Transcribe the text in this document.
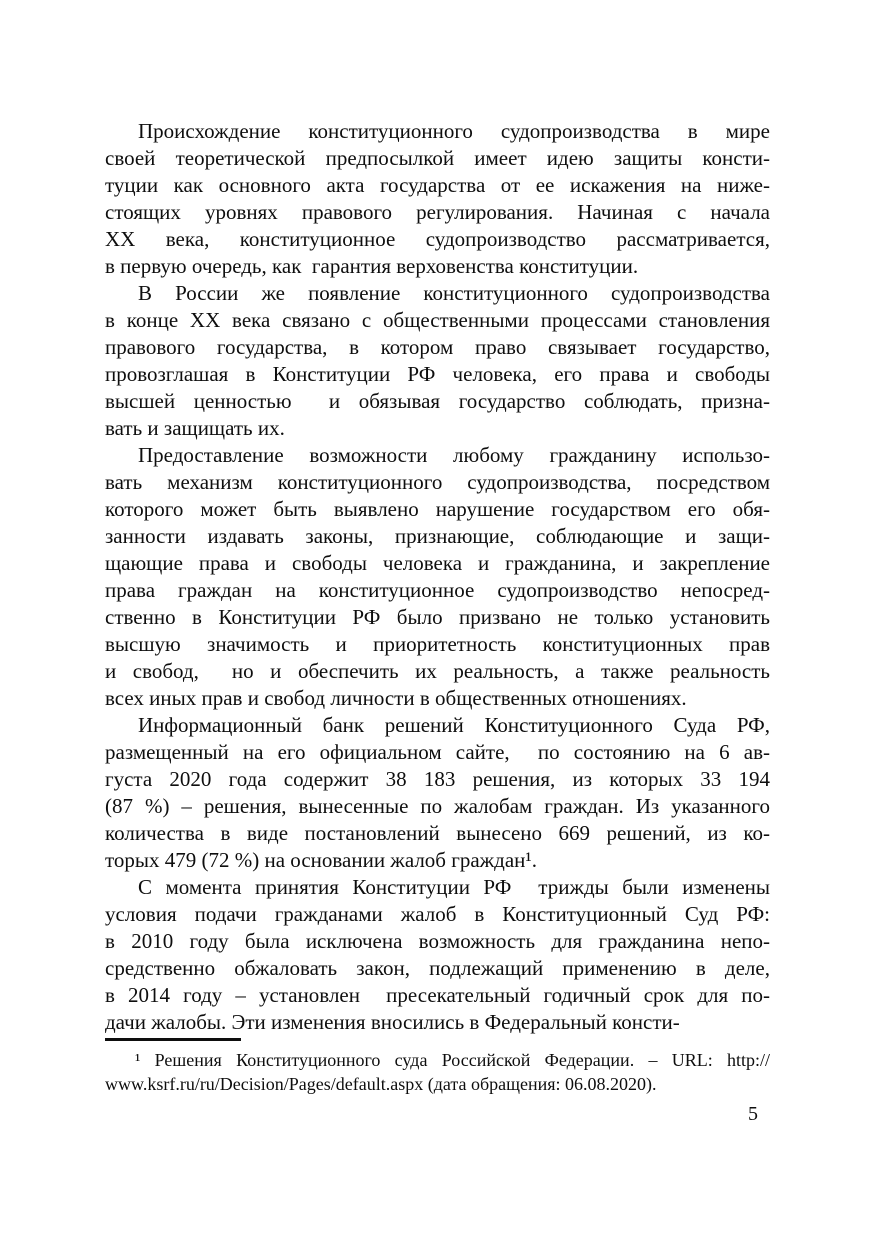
Происхождение конституционного судопроизводства в мире
своей теоретической предпосылкой имеет идею защиты консти-
туции как основного акта государства от ее искажения на ниже-
стоящих уровнях правового регулирования. Начиная с начала
XX века, конституционное судопроизводство рассматривается,
в первую очередь, как  гарантия верховенства конституции.
В России же появление конституционного судопроизводства
в конце XX века связано с общественными процессами становления
правового государства, в котором право связывает государство,
провозглашая в Конституции РФ человека, его права и свободы
высшей ценностью  и обязывая государство соблюдать, призна-
вать и защищать их.
Предоставление возможности любому гражданину использо-
вать механизм конституционного судопроизводства, посредством
которого может быть выявлено нарушение государством его обя-
занности издавать законы, признающие, соблюдающие и защи-
щающие права и свободы человека и гражданина, и закрепление
права граждан на конституционное судопроизводство непосред-
ственно в Конституции РФ было призвано не только установить
высшую значимость и приоритетность конституционных прав
и свобод,  но и обеспечить их реальность, а также реальность
всех иных прав и свобод личности в общественных отношениях.
Информационный банк решений Конституционного Суда РФ,
размещенный на его официальном сайте,  по состоянию на 6 ав-
густа 2020 года содержит 38 183 решения, из которых 33 194
(87 %) – решения, вынесенные по жалобам граждан. Из указанного
количества в виде постановлений вынесено 669 решений, из ко-
торых 479 (72 %) на основании жалоб граждан¹.
С момента принятия Конституции РФ  трижды были изменены
условия подачи гражданами жалоб в Конституционный Суд РФ:
в 2010 году была исключена возможность для гражданина непо-
средственно обжаловать закон, подлежащий применению в деле,
в 2014 году – установлен  пресекательный годичный срок для по-
дачи жалобы. Эти изменения вносились в Федеральный консти-
¹ Решения Конституционного суда Российской Федерации. – URL: http://
www.ksrf.ru/ru/Decision/Pages/default.aspx (дата обращения: 06.08.2020).
5
